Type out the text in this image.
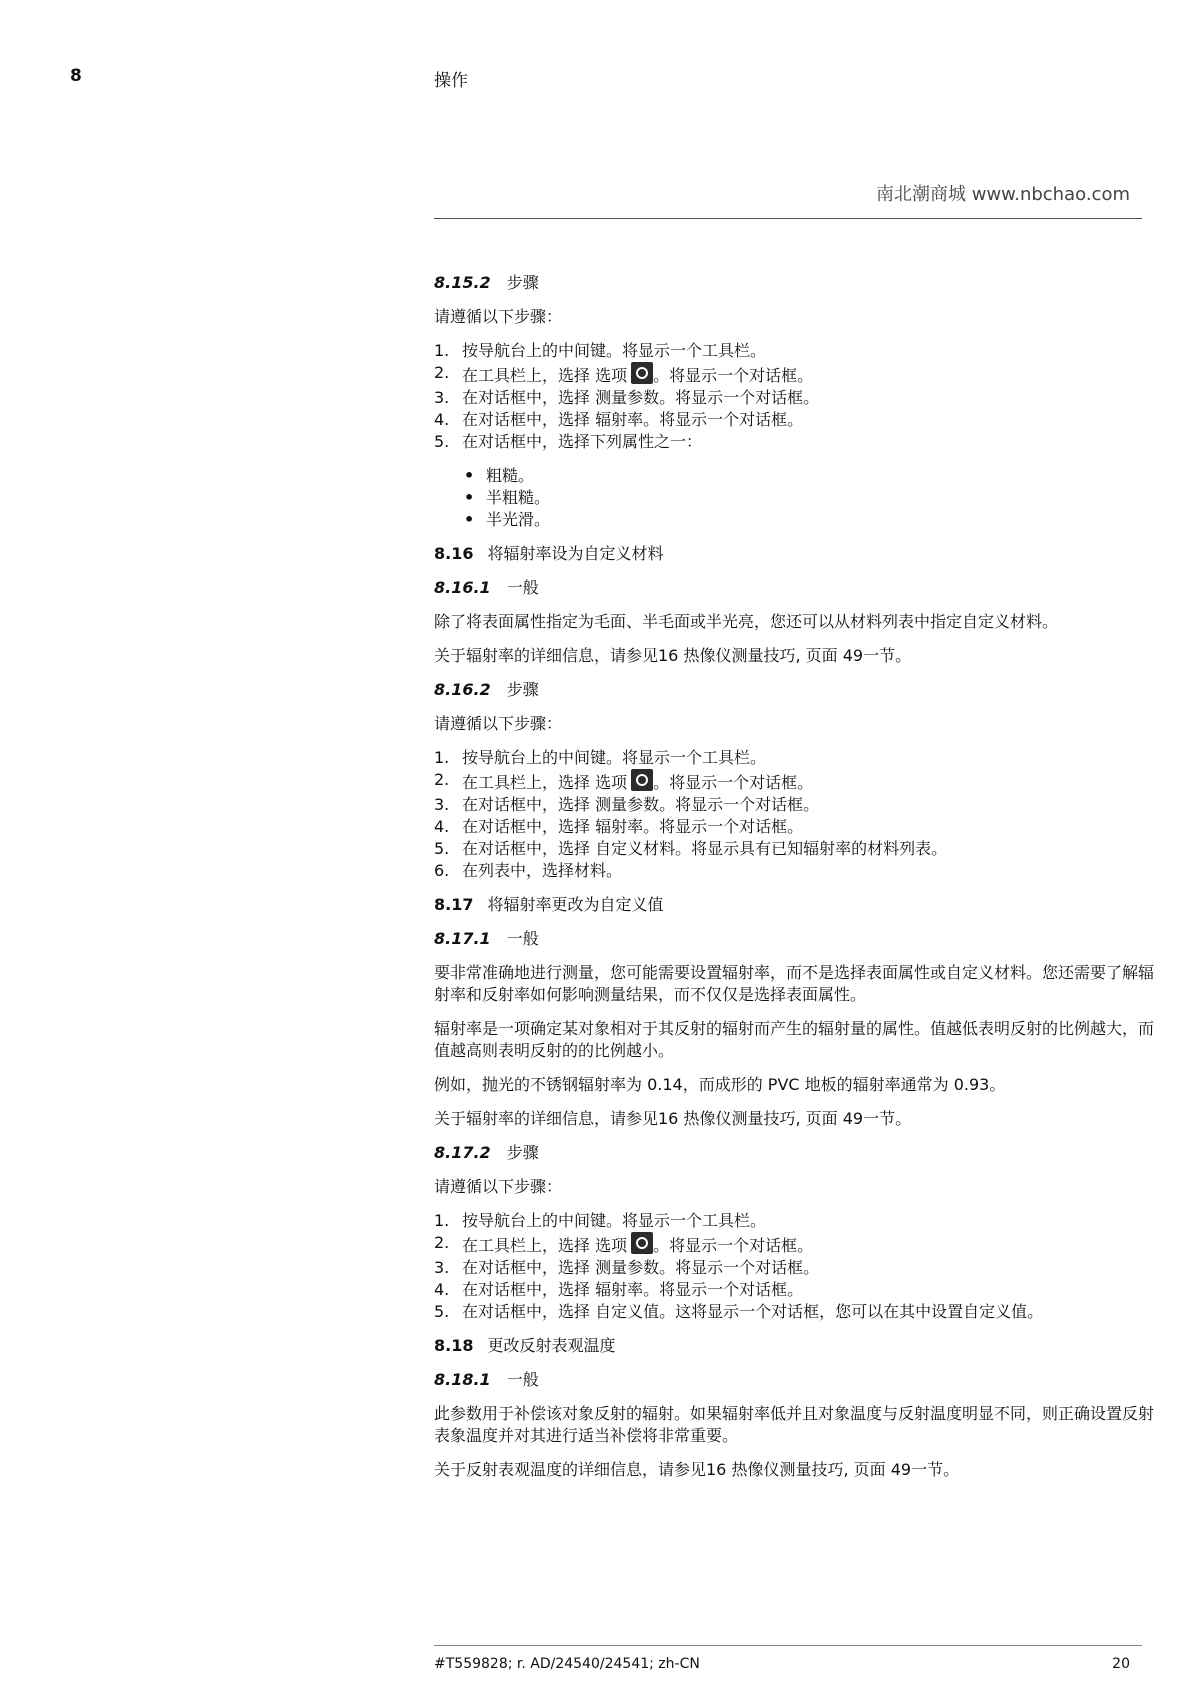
8	操作
南北潮商城 www.nbchao.com
8.15.2 步骤

请遵循以下步骤：

1. 按导航台上的中间键。将显示一个工具栏。
2. 在工具栏上，选择 选项 。将显示一个对话框。
3. 在对话框中，选择 测量参数。将显示一个对话框。
4. 在对话框中，选择 辐射率。将显示一个对话框。
5. 在对话框中，选择下列属性之一：
• 粗糙。
• 半粗糙。
• 半光滑。
8.16 将辐射率设为自定义材料
8.16.1 一般

除了将表面属性指定为毛面、半毛面或半光亮，您还可以从材料列表中指定自定义材料。

关于辐射率的详细信息，请参见16 热像仪测量技巧, 页面 49一节。

8.16.2 步骤

请遵循以下步骤：

1. 按导航台上的中间键。将显示一个工具栏。
2. 在工具栏上，选择 选项 。将显示一个对话框。
3. 在对话框中，选择 测量参数。将显示一个对话框。
4. 在对话框中，选择 辐射率。将显示一个对话框。
5. 在对话框中，选择 自定义材料。将显示具有已知辐射率的材料列表。
6. 在列表中，选择材料。
8.17 将辐射率更改为自定义值
8.17.1 一般

要非常准确地进行测量，您可能需要设置辐射率，而不是选择表面属性或自定义材料。您还需要了解辐射率和反射率如何影响测量结果，而不仅仅是选择表面属性。

辐射率是一项确定某对象相对于其反射的辐射而产生的辐射量的属性。值越低表明反射的比例越大，而值越高则表明反射的的比例越小。

例如，抛光的不锈钢辐射率为 0.14，而成形的 PVC 地板的辐射率通常为 0.93。

关于辐射率的详细信息，请参见16 热像仪测量技巧, 页面 49一节。

8.17.2 步骤

请遵循以下步骤：

1. 按导航台上的中间键。将显示一个工具栏。
2. 在工具栏上，选择 选项 。将显示一个对话框。
3. 在对话框中，选择 测量参数。将显示一个对话框。
4. 在对话框中，选择 辐射率。将显示一个对话框。
5. 在对话框中，选择 自定义值。这将显示一个对话框，您可以在其中设置自定义值。
8.18 更改反射表观温度
8.18.1 一般

此参数用于补偿该对象反射的辐射。如果辐射率低并且对象温度与反射温度明显不同，则正确设置反射表象温度并对其进行适当补偿将非常重要。

关于反射表观温度的详细信息，请参见16 热像仪测量技巧, 页面 49一节。

#T559828; r. AD/24540/24541; zh-CN	20
